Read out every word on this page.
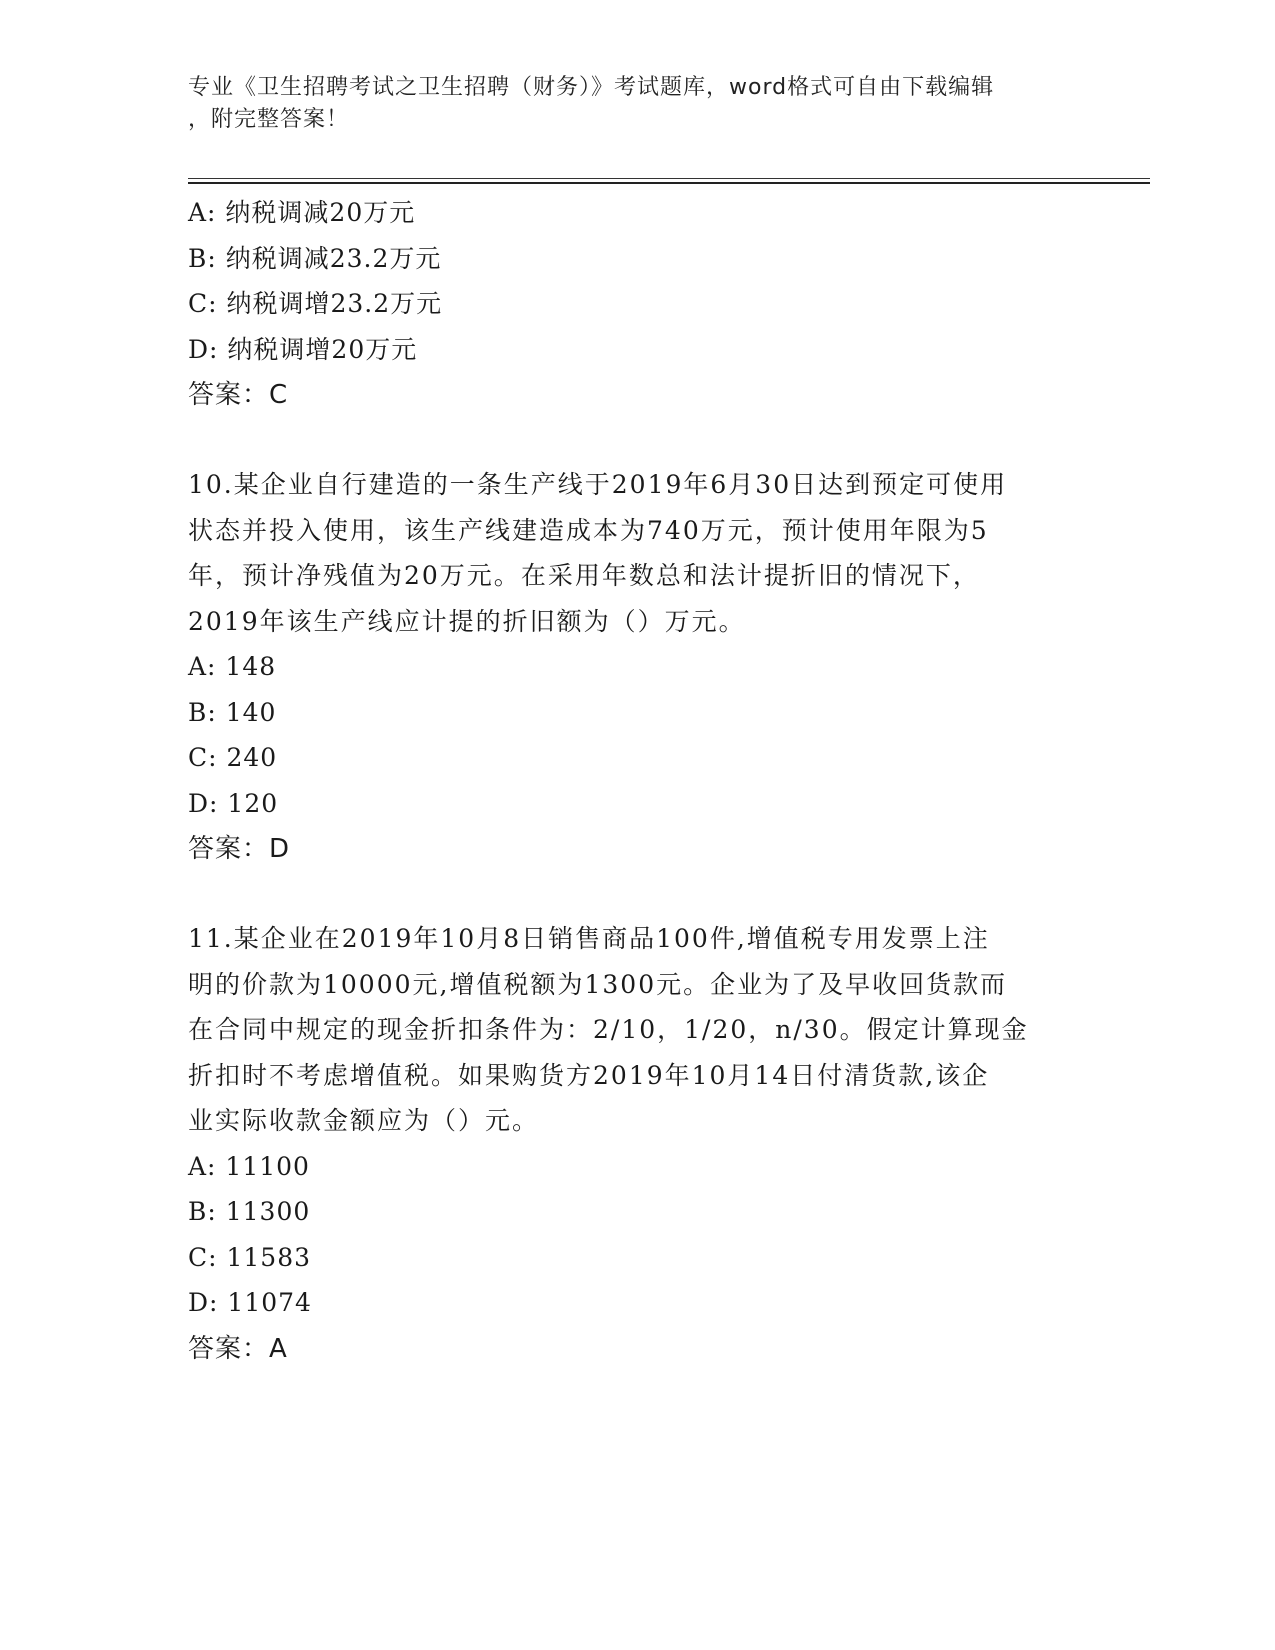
专业《卫生招聘考试之卫生招聘（财务）》考试题库，word格式可自由下载编辑
，附完整答案！
A: 纳税调减20万元
B: 纳税调减23.2万元
C: 纳税调增23.2万元
D: 纳税调增20万元
答案：C
10.某企业自行建造的一条生产线于2019年6月30日达到预定可使用
状态并投入使用，该生产线建造成本为740万元，预计使用年限为5
年，预计净残值为20万元。在采用年数总和法计提折旧的情况下，
2019年该生产线应计提的折旧额为（）万元。
A: 148
B: 140
C: 240
D: 120
答案：D
11.某企业在2019年10月8日销售商品100件,增值税专用发票上注
明的价款为10000元,增值税额为1300元。企业为了及早收回货款而
在合同中规定的现金折扣条件为：2/10，1/20，n/30。假定计算现金
折扣时不考虑增值税。如果购货方2019年10月14日付清货款,该企
业实际收款金额应为（）元。
A: 11100
B: 11300
C: 11583
D: 11074
答案：A
